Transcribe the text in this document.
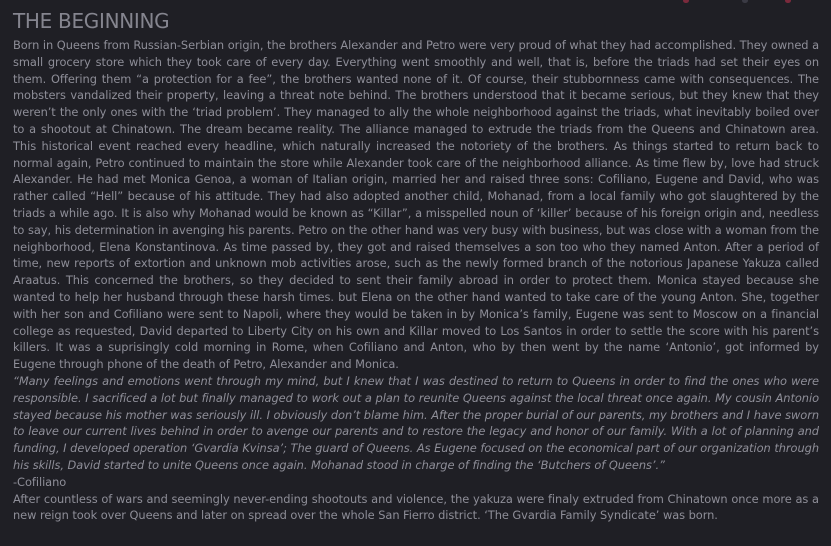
THE BEGINNING

Born in Queens from Russian-Serbian origin, the brothers Alexander and Petro were very proud of what they had accomplished. They owned a small grocery store which they took care of every day. Everything went smoothly and well, that is, before the triads had set their eyes on them. Offering them “a protection for a fee”, the brothers wanted none of it. Of course, their stubbornness came with consequences. The mobsters vandalized their property, leaving a threat note behind. The brothers understood that it became serious, but they knew that they weren’t the only ones with the ‘triad problem’. They managed to ally the whole neighborhood against the triads, what inevitably boiled over to a shootout at Chinatown. The dream became reality. The alliance managed to extrude the triads from the Queens and Chinatown area. This historical event reached every headline, which naturally increased the notoriety of the brothers. As things started to return back to normal again, Petro continued to maintain the store while Alexander took care of the neighborhood alliance. As time flew by, love had struck Alexander. He had met Monica Genoa, a woman of Italian origin, married her and raised three sons: Cofiliano, Eugene and David, who was rather called “Hell” because of his attitude. They had also adopted another child, Mohanad, from a local family who got slaughtered by the triads a while ago. It is also why Mohanad would be known as “Killar”, a misspelled noun of ‘killer’ because of his foreign origin and, needless to say, his determination in avenging his parents. Petro on the other hand was very busy with business, but was close with a woman from the neighborhood, Elena Konstantinova. As time passed by, they got and raised themselves a son too who they named Anton. After a period of time, new reports of extortion and unknown mob activities arose, such as the newly formed branch of the notorious Japanese Yakuza called Araatus. This concerned the brothers, so they decided to sent their family abroad in order to protect them. Monica stayed because she wanted to help her husband through these harsh times. but Elena on the other hand wanted to take care of the young Anton. She, together with her son and Cofiliano were sent to Napoli, where they would be taken in by Monica’s family, Eugene was sent to Moscow on a financial college as requested, David departed to Liberty City on his own and Killar moved to Los Santos in order to settle the score with his parent’s killers. It was a suprisingly cold morning in Rome, when Cofiliano and Anton, who by then went by the name ‘Antonio’, got informed by Eugene through phone of the death of Petro, Alexander and Monica.

“Many feelings and emotions went through my mind, but I knew that I was destined to return to Queens in order to find the ones who were responsible. I sacrificed a lot but finally managed to work out a plan to reunite Queens against the local threat once again. My cousin Antonio stayed because his mother was seriously ill. I obviously don’t blame him. After the proper burial of our parents, my brothers and I have sworn to leave our current lives behind in order to avenge our parents and to restore the legacy and honor of our family. With a lot of planning and funding, I developed operation ‘Gvardia Kvinsa’; The guard of Queens. As Eugene focused on the economical part of our organization through his skills, David started to unite Queens once again. Mohanad stood in charge of finding the ‘Butchers of Queens’.”

-Cofiliano

After countless of wars and seemingly never-ending shootouts and violence, the yakuza were finaly extruded from Chinatown once more as a new reign took over Queens and later on spread over the whole San Fierro district. ‘The Gvardia Family Syndicate’ was born.
